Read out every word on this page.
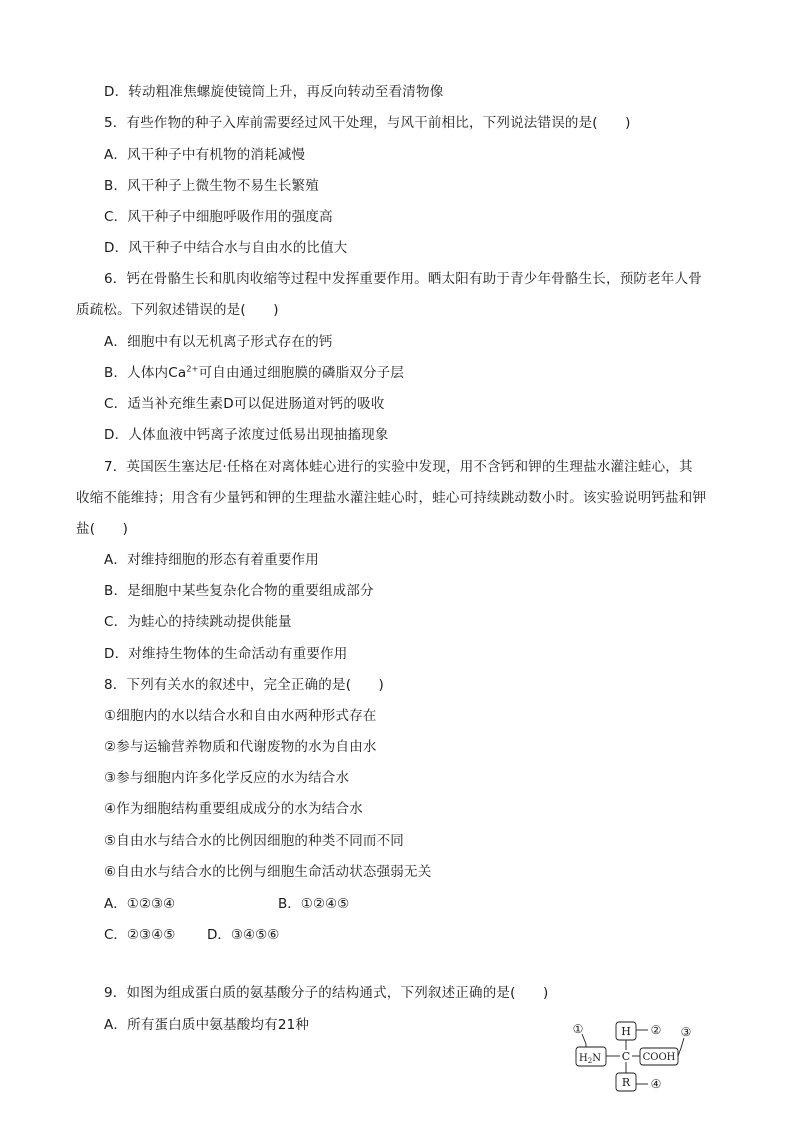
D．转动粗准焦螺旋使镜筒上升，再反向转动至看清物像
5．有些作物的种子入库前需要经过风干处理，与风干前相比，下列说法错误的是(　　)
A．风干种子中有机物的消耗减慢
B．风干种子上微生物不易生长繁殖
C．风干种子中细胞呼吸作用的强度高
D．风干种子中结合水与自由水的比值大
6．钙在骨骼生长和肌肉收缩等过程中发挥重要作用。晒太阳有助于青少年骨骼生长，预防老年人骨
质疏松。下列叙述错误的是(　　)
A．细胞中有以无机离子形式存在的钙
B．人体内$Ca^{2+}$可自由通过细胞膜的磷脂双分子层
C．适当补充维生素D可以促进肠道对钙的吸收
D．人体血液中钙离子浓度过低易出现抽搐现象
7．英国医生塞达尼·任格在对离体蛙心进行的实验中发现，用不含钙和钾的生理盐水灌注蛙心，其
收缩不能维持；用含有少量钙和钾的生理盐水灌注蛙心时，蛙心可持续跳动数小时。该实验说明钙盐和钾
盐(　　)
A．对维持细胞的形态有着重要作用
B．是细胞中某些复杂化合物的重要组成部分
C．为蛙心的持续跳动提供能量
D．对维持生物体的生命活动有重要作用
8．下列有关水的叙述中，完全正确的是(　　)
①细胞内的水以结合水和自由水两种形式存在
②参与运输营养物质和代谢废物的水为自由水
③参与细胞内许多化学反应的水为结合水
④作为细胞结构重要组成成分的水为结合水
⑤自由水与结合水的比例因细胞的种类不同而不同
⑥自由水与结合水的比例与细胞生命活动状态强弱无关
A．①②③④	B．①②④⑤
C．②③④⑤ D．③④⑤⑥
9．如图为组成蛋白质的氨基酸分子的结构通式，下列叙述正确的是(　　)
A．所有蛋白质中氨基酸均有21种	H
C
R
$H_2N$	COOH
①	② ③
④
